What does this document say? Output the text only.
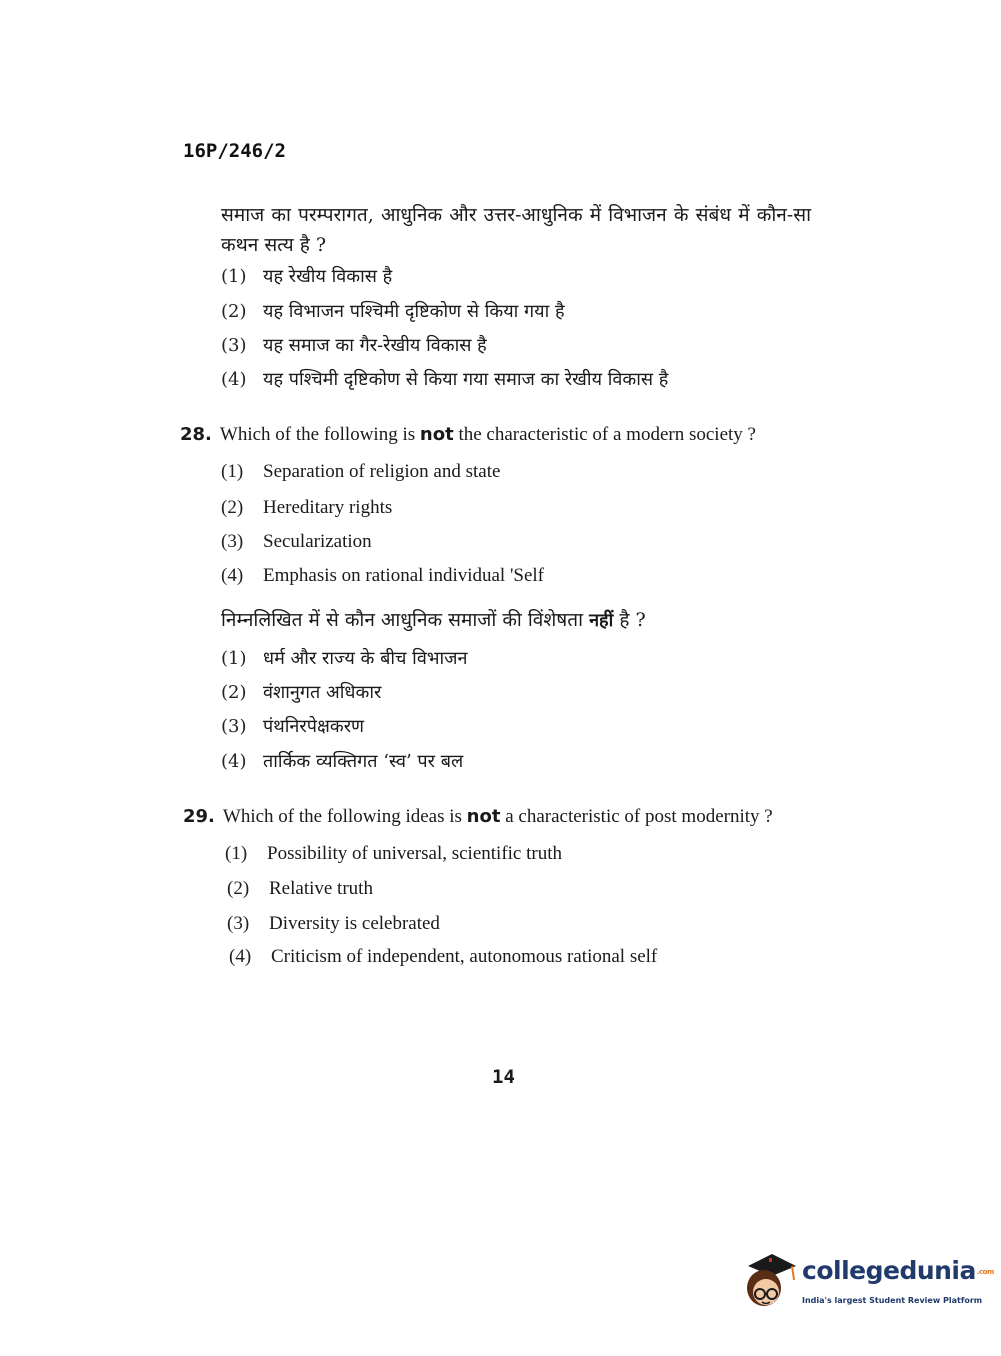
16P/246/2
समाज का परम्परागत, आधुनिक और उत्तर-आधुनिक में विभाजन के संबंध में कौन-सा कथन सत्य है ?
(1) यह रेखीय विकास है
(2) यह विभाजन पश्चिमी दृष्टिकोण से किया गया है
(3) यह समाज का गैर-रेखीय विकास है
(4) यह पश्चिमी दृष्टिकोण से किया गया समाज का रेखीय विकास है
28. Which of the following is not the characteristic of a modern society ?
(1) Separation of religion and state
(2) Hereditary rights
(3) Secularization
(4) Emphasis on rational individual 'Self
निम्नलिखित में से कौन आधुनिक समाजों की विंशेषता नहीं है ?
(1) धर्म और राज्य के बीच विभाजन
(2) वंशानुगत अधिकार
(3) पंथनिरपेक्षकरण
(4) तार्किक व्यक्तिगत ‘स्व’ पर बल
29. Which of the following ideas is not a characteristic of post modernity ?
(1) Possibility of universal, scientific truth
(2) Relative truth
(3) Diversity is celebrated
(4) Criticism of independent, autonomous rational self
14
collegedunia.com
India's largest Student Review Platform
